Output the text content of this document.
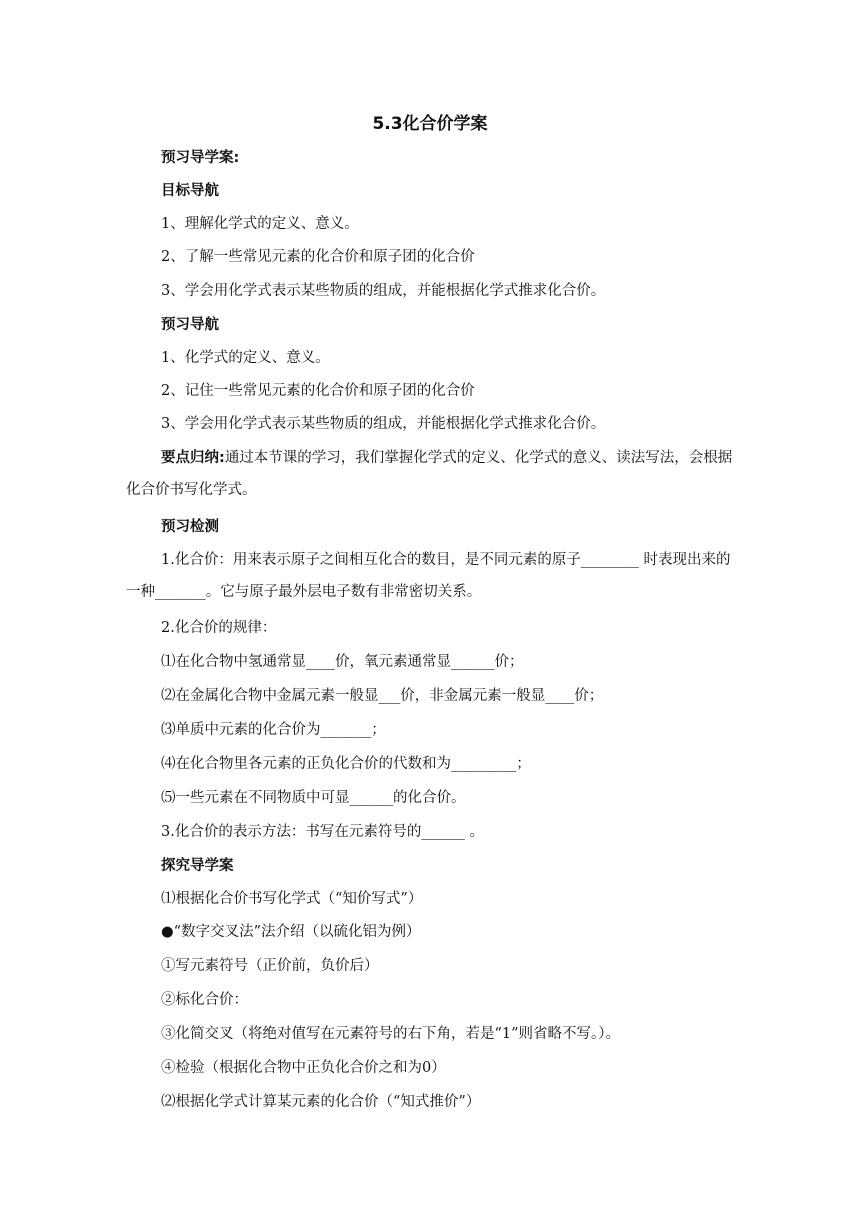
5.3化合价学案
预习导学案:
目标导航
1、理解化学式的定义、意义。
2、了解一些常见元素的化合价和原子团的化合价
3、学会用化学式表示某些物质的组成，并能根据化学式推求化合价。
预习导航
1、化学式的定义、意义。
2、记住一些常见元素的化合价和原子团的化合价
3、学会用化学式表示某些物质的组成，并能根据化学式推求化合价。
要点归纳:通过本节课的学习，我们掌握化学式的定义、化学式的意义、读法写法，会根据化合价书写化学式。
预习检测
1.化合价：用来表示原子之间相互化合的数目，是不同元素的原子________ 时表现出来的一种_______。它与原子最外层电子数有非常密切关系。
2.化合价的规律：
⑴在化合物中氢通常显____价，氧元素通常显______价；
⑵在金属化合物中金属元素一般显___价，非金属元素一般显____价；
⑶单质中元素的化合价为_______；
⑷在化合物里各元素的正负化合价的代数和为_________；
⑸一些元素在不同物质中可显______的化合价。
3.化合价的表示方法：书写在元素符号的______ 。
探究导学案
⑴根据化合价书写化学式（“知价写式”）
●“数字交叉法”法介绍（以硫化铝为例）
①写元素符号（正价前，负价后）
②标化合价：
③化简交叉（将绝对值写在元素符号的右下角，若是“1”则省略不写。）。
④检验（根据化合物中正负化合价之和为0）
⑵根据化学式计算某元素的化合价（“知式推价”）
